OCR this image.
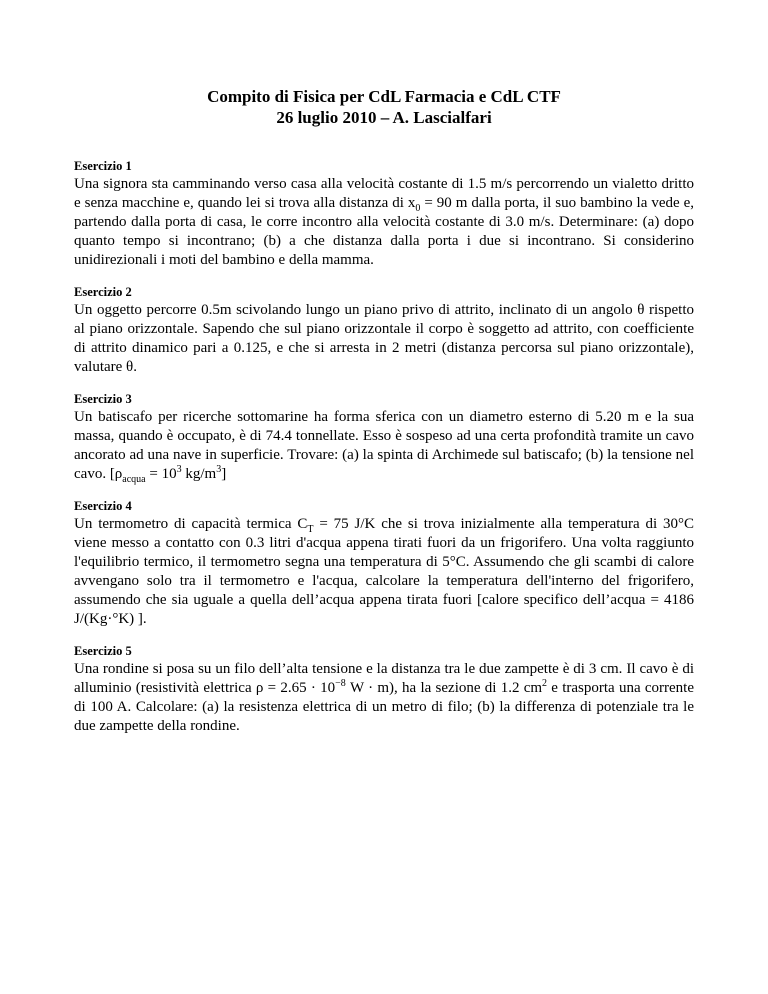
Compito di Fisica per CdL Farmacia e CdL CTF
26 luglio 2010 – A. Lascialfari
Esercizio 1

Una signora sta camminando verso casa alla velocità costante di 1.5 m/s percorrendo un vialetto dritto e senza macchine e, quando lei si trova alla distanza di $x_0 = 90$ m dalla porta, il suo bambino la vede e, partendo dalla porta di casa, le corre incontro alla velocità costante di 3.0 m/s. Determinare: (a) dopo quanto tempo si incontrano; (b) a che distanza dalla porta i due si incontrano. Si considerino unidirezionali i moti del bambino e della mamma.

Esercizio 2

Un oggetto percorre 0.5m scivolando lungo un piano privo di attrito, inclinato di un angolo θ rispetto al piano orizzontale. Sapendo che sul piano orizzontale il corpo è soggetto ad attrito, con coefficiente di attrito dinamico pari a 0.125, e che si arresta in 2 metri (distanza percorsa sul piano orizzontale), valutare θ.

Esercizio 3

Un batiscafo per ricerche sottomarine ha forma sferica con un diametro esterno di 5.20 m e la sua massa, quando è occupato, è di 74.4 tonnellate. Esso è sospeso ad una certa profondità tramite un cavo ancorato ad una nave in superficie. Trovare: (a) la spinta di Archimede sul batiscafo; (b) la tensione nel cavo. [$\rho_{acqua} = 10^3$ $kg/m^3$]

Esercizio 4

Un termometro di capacità termica $C_T = 75$ J/K che si trova inizialmente alla temperatura di 30°C viene messo a contatto con 0.3 litri d'acqua appena tirati fuori da un frigorifero. Una volta raggiunto l'equilibrio termico, il termometro segna una temperatura di 5°C. Assumendo che gli scambi di calore avvengano solo tra il termometro e l'acqua, calcolare la temperatura dell'interno del frigorifero, assumendo che sia uguale a quella dell’acqua appena tirata fuori [calore specifico dell’acqua = 4186 J/(Kg·°K) ].

Esercizio 5

Una rondine si posa su un filo dell’alta tensione e la distanza tra le due zampette è di 3 cm. Il cavo è di alluminio (resistività elettrica $\rho = 2.65 \cdot 10^{-8}$ W · m), ha la sezione di 1.2 $cm^2$ e trasporta una corrente di 100 A. Calcolare: (a) la resistenza elettrica di un metro di filo; (b) la differenza di potenziale tra le due zampette della rondine.
